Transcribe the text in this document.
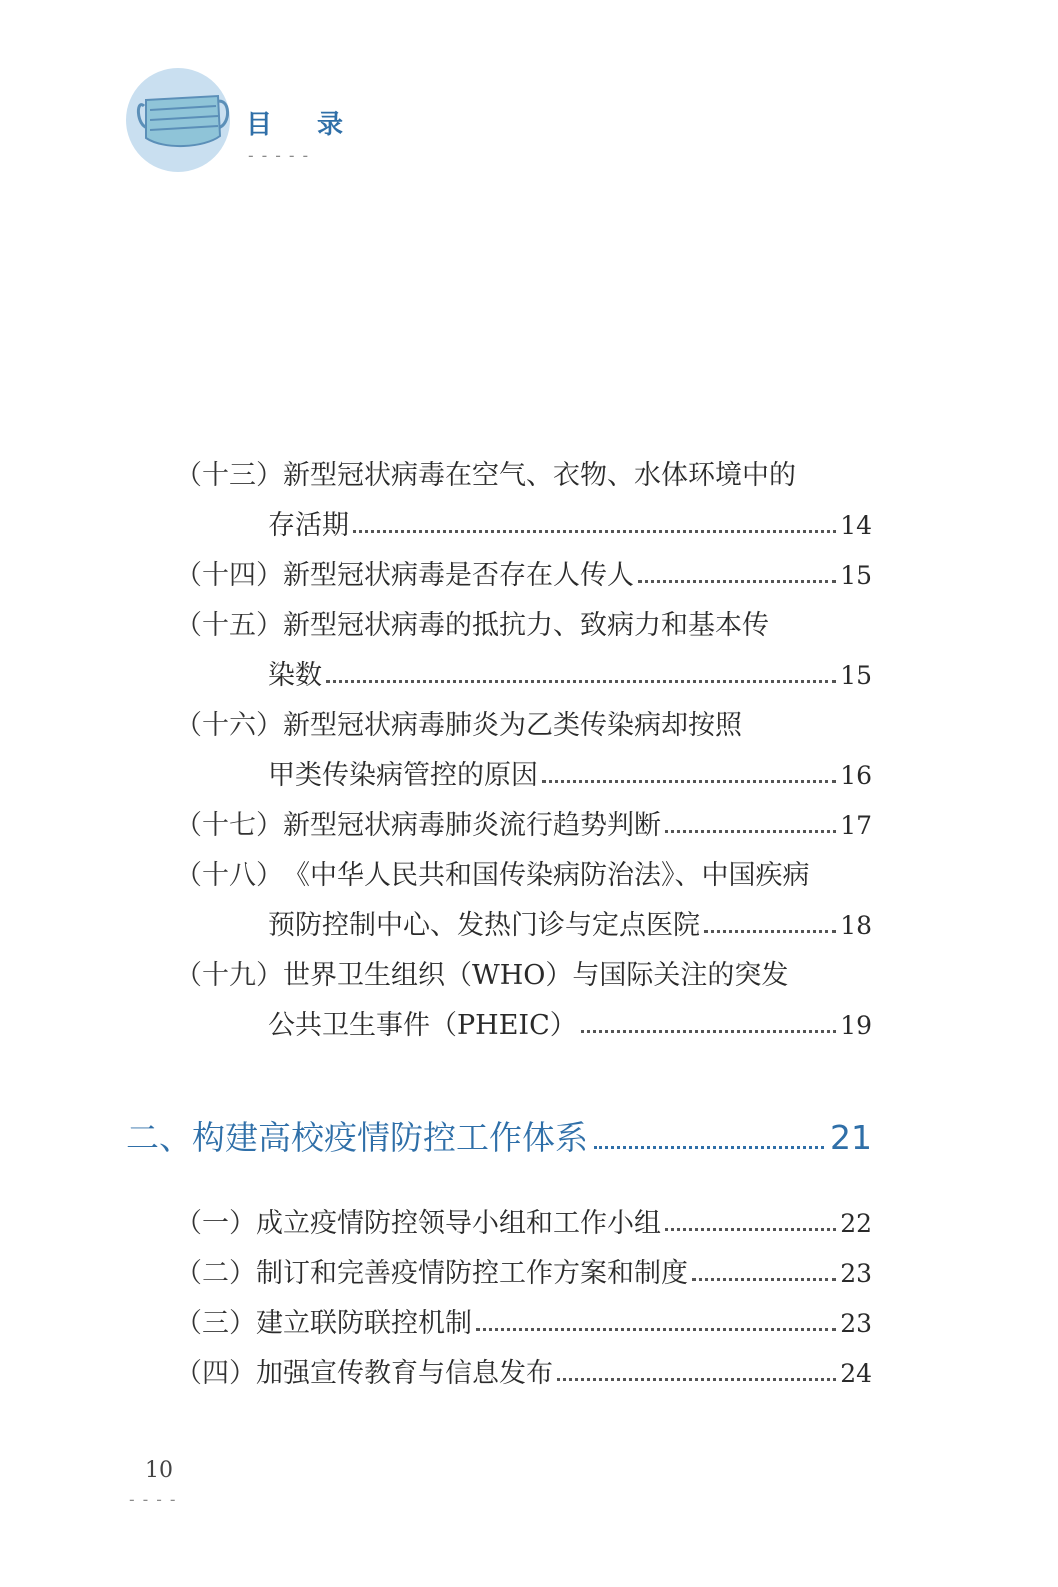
目 录
-----
（十三） 新型冠状病毒在空气、衣物、水体环境中的
存活期	14
（十四） 新型冠状病毒是否存在人传人	15
（十五） 新型冠状病毒的抵抗力、致病力和基本传
染数	15
（十六） 新型冠状病毒肺炎为乙类传染病却按照
甲类传染病管控的原因	16
（十七） 新型冠状病毒肺炎流行趋势判断	17
（十八） 《中华人民共和国传染病防治法》、中国疾病
预防控制中心、发热门诊与定点医院	18
（十九） 世界卫生组织（WHO）与国际关注的突发
公共卫生事件（PHEIC）	19
二、构建高校疫情防控工作体系	21
（一） 成立疫情防控领导小组和工作小组	22
（二） 制订和完善疫情防控工作方案和制度	23
（三） 建立联防联控机制	23
（四） 加强宣传教育与信息发布	24
10
----
